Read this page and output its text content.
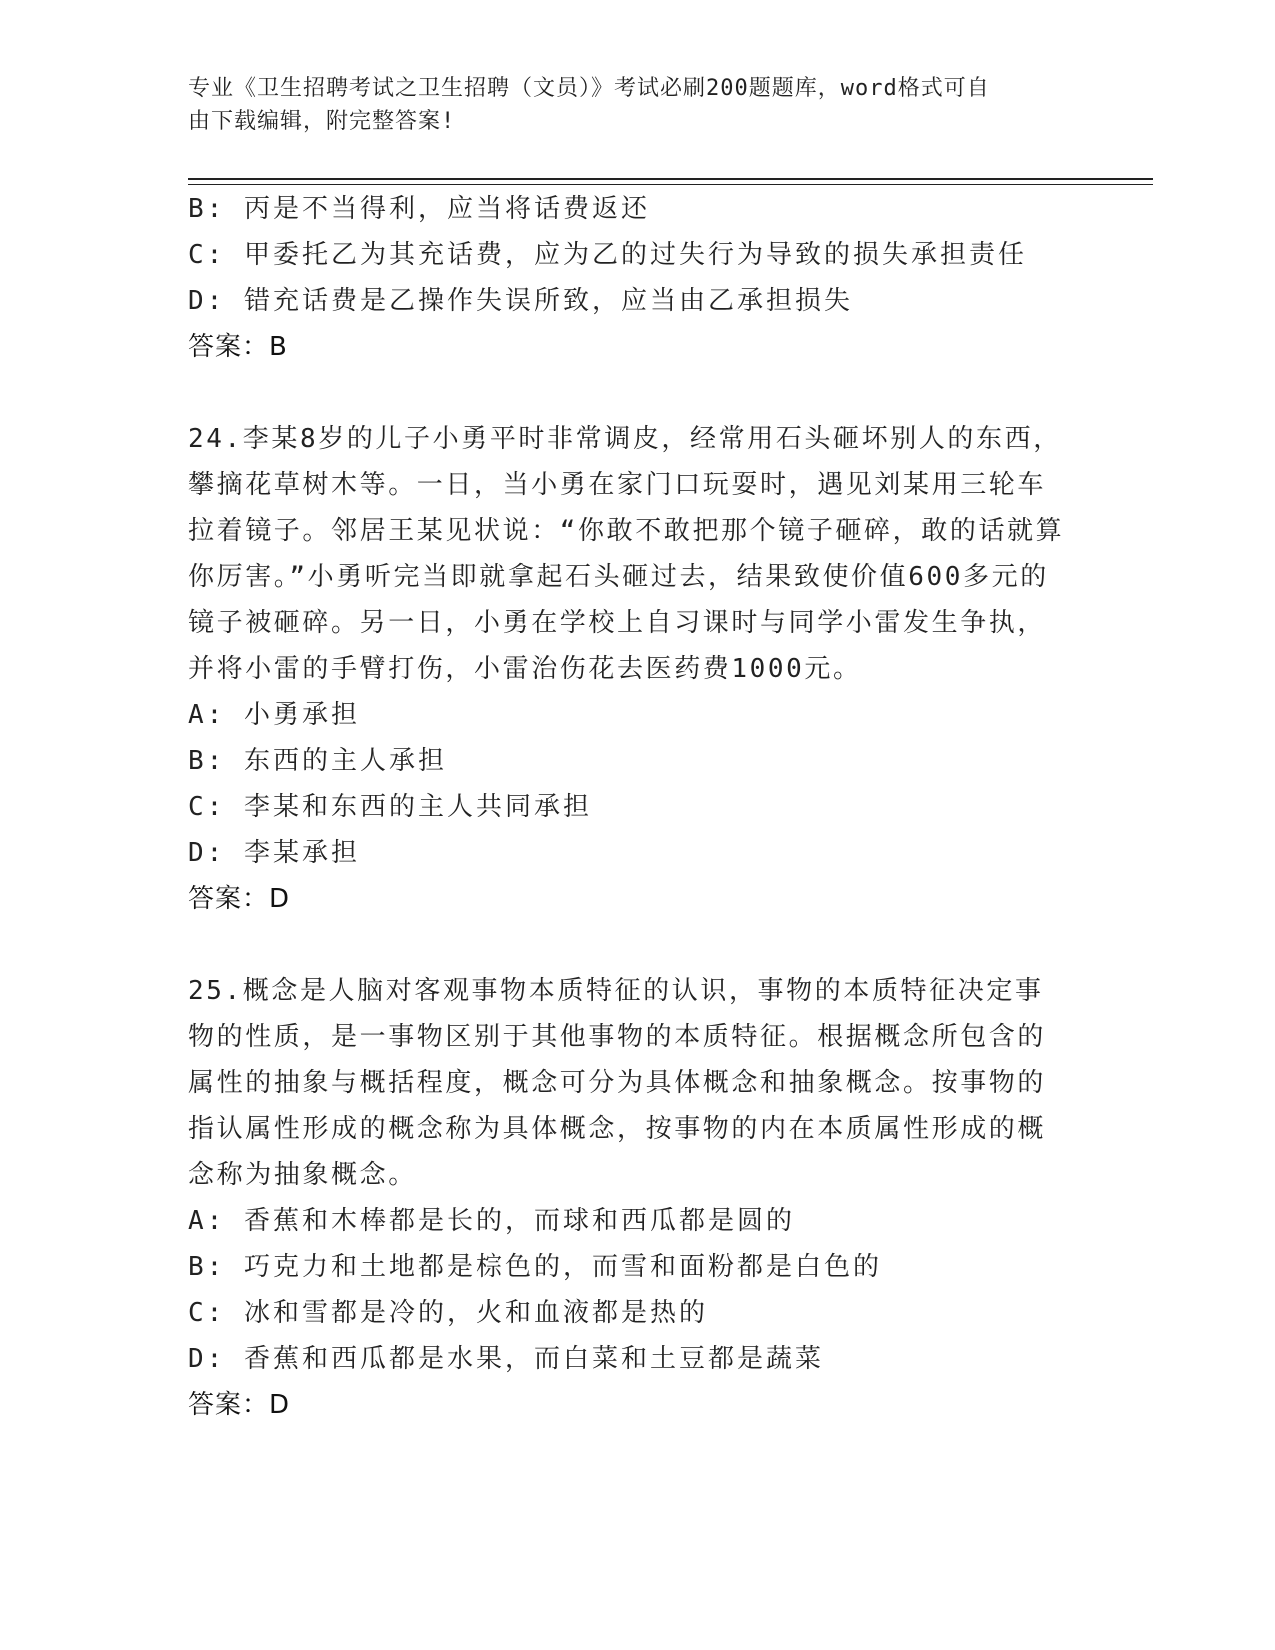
专业《卫生招聘考试之卫生招聘（文员）》考试必刷200题题库，word格式可自
由下载编辑，附完整答案!
B: 丙是不当得利，应当将话费返还
C: 甲委托乙为其充话费，应为乙的过失行为导致的损失承担责任
D: 错充话费是乙操作失误所致，应当由乙承担损失
答案：B
24.李某8岁的儿子小勇平时非常调皮，经常用石头砸坏别人的东西，攀摘花草树木等。一日，当小勇在家门口玩耍时，遇见刘某用三轮车拉着镜子。邻居王某见状说：“你敢不敢把那个镜子砸碎，敢的话就算你厉害。”小勇听完当即就拿起石头砸过去，结果致使价值600多元的镜子被砸碎。另一日，小勇在学校上自习课时与同学小雷发生争执，并将小雷的手臂打伤，小雷治伤花去医药费1000元。
A: 小勇承担
B: 东西的主人承担
C: 李某和东西的主人共同承担
D: 李某承担
答案：D
25.概念是人脑对客观事物本质特征的认识，事物的本质特征决定事物的性质，是一事物区别于其他事物的本质特征。根据概念所包含的属性的抽象与概括程度，概念可分为具体概念和抽象概念。按事物的指认属性形成的概念称为具体概念，按事物的内在本质属性形成的概念称为抽象概念。
A: 香蕉和木棒都是长的，而球和西瓜都是圆的
B: 巧克力和土地都是棕色的，而雪和面粉都是白色的
C: 冰和雪都是冷的，火和血液都是热的
D: 香蕉和西瓜都是水果，而白菜和土豆都是蔬菜
答案：D
